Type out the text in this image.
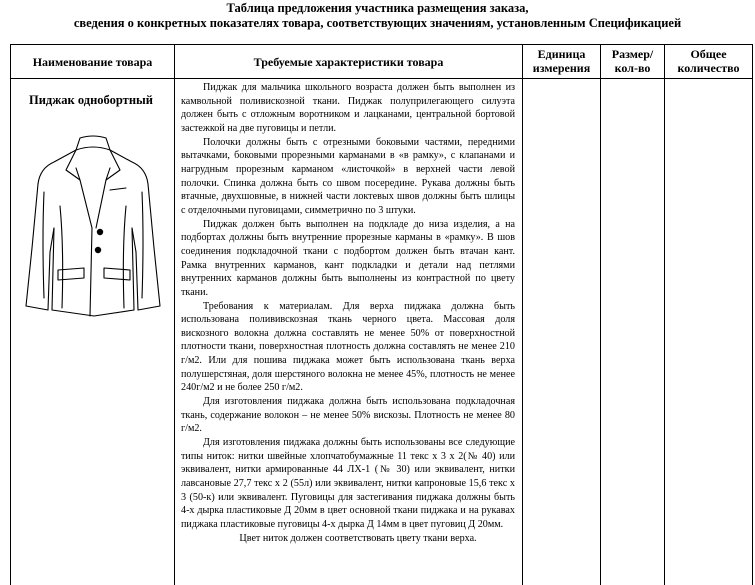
Таблица предложения участника размещения заказа,
сведения о конкретных показателях товара, соответствующих значениям, установленным Спецификацией
Наименование товара	Требуемые характеристики товара
Единица
измерения
Размер/
кол-во
Общее
количество
Пиджак однобортный

Пиджак для мальчика школьного возраста должен быть выполнен из камвольной поливискозной ткани. Пиджак полуприлегающего силуэта должен быть с отложным воротником и лацканами, центральной бортовой застежкой на две пуговицы и петли.

Полочки должны быть с отрезными боковыми частями, передними вытачками, боковыми прорезными карманами в «в рамку», с клапанами и нагрудным прорезным карманом «листочкой» в верхней части левой полочки. Спинка должна быть со швом посередине. Рукава должны быть втачные, двухшовные, в нижней части локтевых швов должны быть шлицы с отделочными пуговицами, симметрично по 3 штуки.

Пиджак должен быть выполнен на подкладе до низа изделия, а на подбортах должны быть внутренние прорезные карманы в «рамку». В шов соединения подкладочной ткани с подбортом должен быть втачан кант. Рамка внутренних карманов, кант подкладки и детали над петлями внутренних карманов должны быть выполнены из контрастной по цвету ткани.

Требования к материалам. Для верха пиджака должна быть использована полививскозная ткань черного цвета. Массовая доля вискозного волокна должна составлять не менее 50% от поверхностной плотности ткани, поверхностная плотность должна составлять не менее 210 г/м2. Или для пошива пиджака может быть использована ткань верха полушерстяная, доля шерстяного волокна не менее 45%, плотность не менее 240г/м2 и не более 250 г/м2.

Для изготовления пиджака должна быть использована подкладочная ткань, содержание волокон – не менее 50% вискозы. Плотность не менее 80 г/м2.

Для изготовления пиджака должны быть использованы все следующие типы ниток: нитки швейные хлопчатобумажные 11 текс х 3 х 2(№ 40) или эквивалент, нитки армированные 44 ЛХ-1 (№ 30) или эквивалент, нитки лавсановые 27,7 текс х 2 (55л) или эквивалент, нитки капроновые 15,6 текс х 3 (50-к) или эквивалент. Пуговицы для застегивания пиджака должны быть 4-х дырка пластиковые Д 20мм в цвет основной ткани пиджака и на рукавах пиджака пластиковые пуговицы 4-х дырка Д 14мм в цвет пуговиц Д 20мм.

Цвет ниток должен соответствовать цвету ткани верха.
